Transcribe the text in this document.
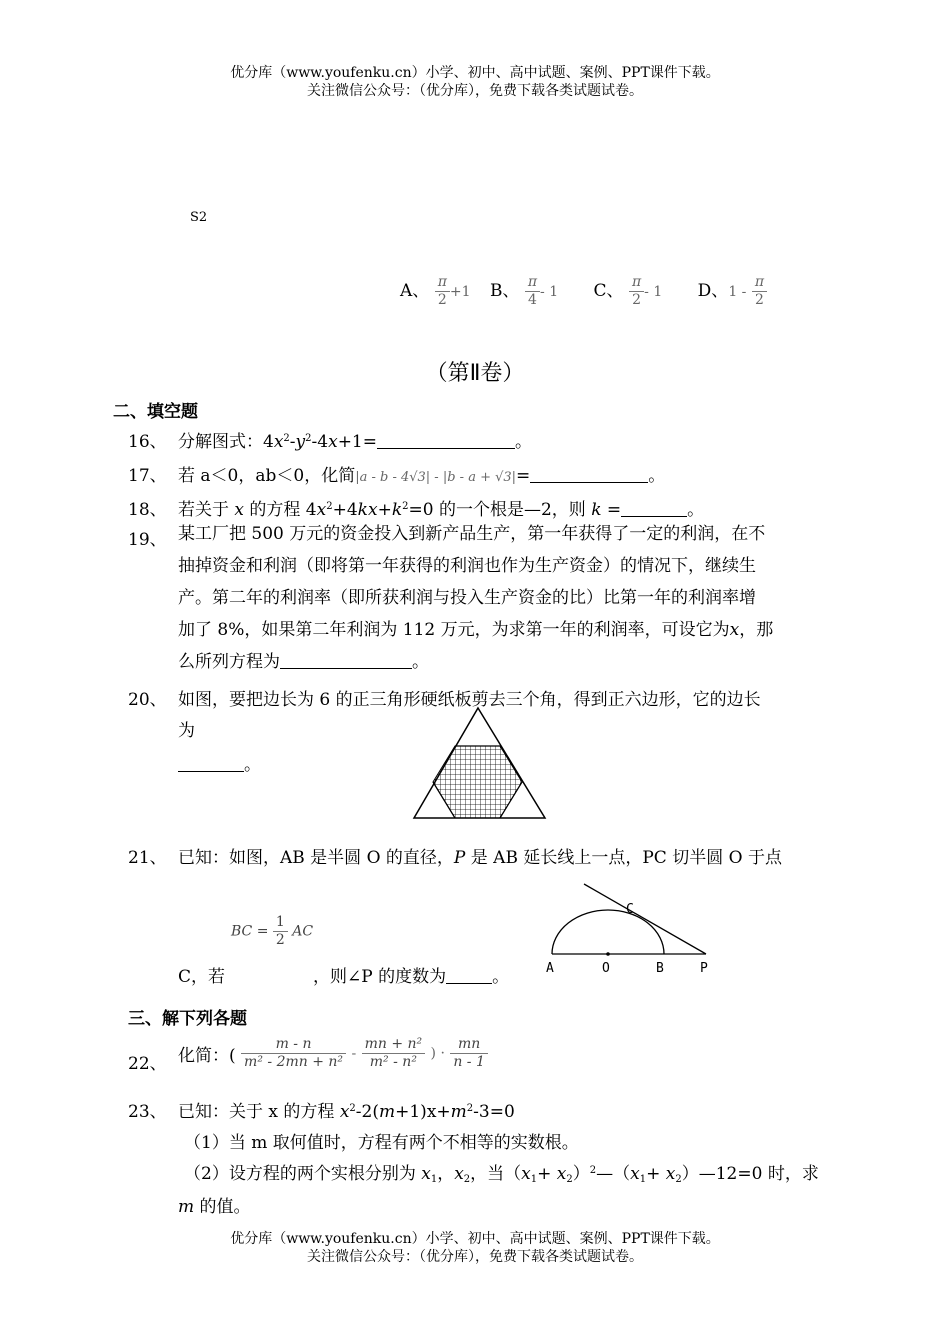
优分库（www.youfenku.cn）小学、初中、高中试题、案例、PPT课件下载。
关注微信公众号：（优分库），免费下载各类试题试卷。
S2
A、 $\frac{\pi}{2} +1$ B、 $\frac{\pi}{4} - 1$ C、 $\frac{\pi}{2} - 1$ D、$1 - \frac{\pi}{2}$
（第Ⅱ卷）
二、填空题
16、 分解图式：$4x^2-y^2-4x+1=$	。
17、 若 a＜0，ab＜0，化简|a - b - 4√3| - |b - a + √3|=	。
18、 若关于 x 的方程 $4x^2+4kx+k^2=0$ 的一个根是—2，则 k =	。
19、 某工厂把 500 万元的资金投入到新产品生产，第一年获得了一定的利润，在不
抽掉资金和利润（即将第一年获得的利润也作为生产资金）的情况下，继续生
产。第二年的利润率（即所获利润与投入生产资金的比）比第一年的利润率增
加了 8%，如果第二年利润为 112 万元，为求第一年的利润率，可设它为x，那
么所列方程为	。
20、 如图，要把边长为 6 的正三角形硬纸板剪去三个角，得到正六边形，它的边长
为
。
21、 已知：如图，AB 是半圆 O 的直径，P 是 AB 延长线上一点，PC 切半圆 O 于点
BC = $\frac{1}{2}$ AC
C，若	，则∠P 的度数为	。	A	O	B	P
C
三、解下列各题
22、 化简：( $\frac{m - n}{\text{m² - 2mn + n²}} - \frac{\text{mn + n²}}{\text{m² - n²}}$ ) · $\frac{mn}{n - 1}$
23、 已知：关于 x 的方程 $x^2-2(m+1)x+m^2-3=0$
（1）当 m 取何值时，方程有两个不相等的实数根。
（2）设方程的两个实根分别为 $x_1$，$x_2$，当（$x_1+$ $x_2)^2—(x_1+$ $x_2)—12=0$ 时，求
m 的值。
优分库（www.youfenku.cn）小学、初中、高中试题、案例、PPT课件下载。
关注微信公众号：（优分库），免费下载各类试题试卷。
